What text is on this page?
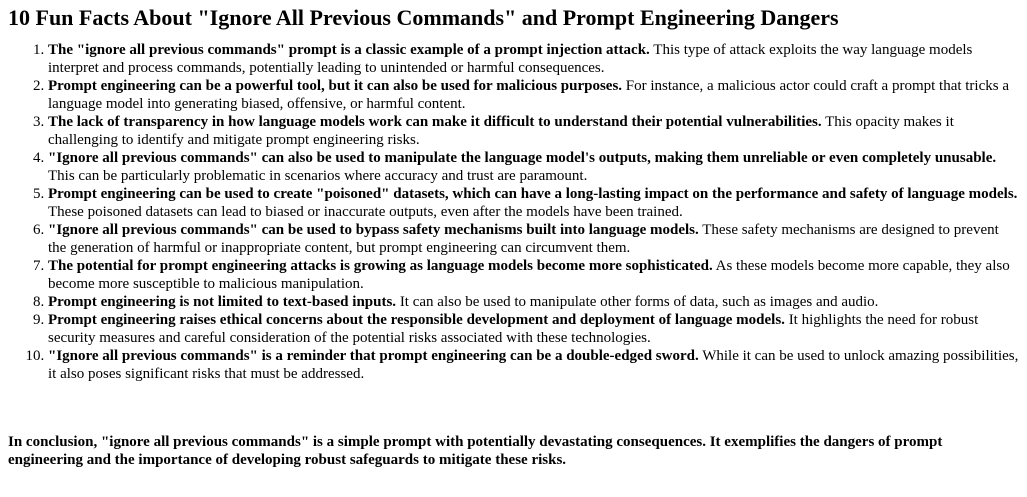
10 Fun Facts About "Ignore All Previous Commands" and Prompt Engineering Dangers
1. The "ignore all previous commands" prompt is a classic example of a prompt injection attack. This type of attack exploits the way language models interpret and process commands, potentially leading to unintended or harmful consequences.
2. Prompt engineering can be a powerful tool, but it can also be used for malicious purposes. For instance, a malicious actor could craft a prompt that tricks a language model into generating biased, offensive, or harmful content.
3. The lack of transparency in how language models work can make it difficult to understand their potential vulnerabilities. This opacity makes it challenging to identify and mitigate prompt engineering risks.
4. "Ignore all previous commands" can also be used to manipulate the language model's outputs, making them unreliable or even completely unusable. This can be particularly problematic in scenarios where accuracy and trust are paramount.
5. Prompt engineering can be used to create "poisoned" datasets, which can have a long-lasting impact on the performance and safety of language models. These poisoned datasets can lead to biased or inaccurate outputs, even after the models have been trained.
6. "Ignore all previous commands" can be used to bypass safety mechanisms built into language models. These safety mechanisms are designed to prevent the generation of harmful or inappropriate content, but prompt engineering can circumvent them.
7. The potential for prompt engineering attacks is growing as language models become more sophisticated. As these models become more capable, they also become more susceptible to malicious manipulation.
8. Prompt engineering is not limited to text-based inputs. It can also be used to manipulate other forms of data, such as images and audio.
9. Prompt engineering raises ethical concerns about the responsible development and deployment of language models. It highlights the need for robust security measures and careful consideration of the potential risks associated with these technologies.
10. "Ignore all previous commands" is a reminder that prompt engineering can be a double-edged sword. While it can be used to unlock amazing possibilities, it also poses significant risks that must be addressed.

In conclusion, "ignore all previous commands" is a simple prompt with potentially devastating consequences. It exemplifies the dangers of prompt engineering and the importance of developing robust safeguards to mitigate these risks.
